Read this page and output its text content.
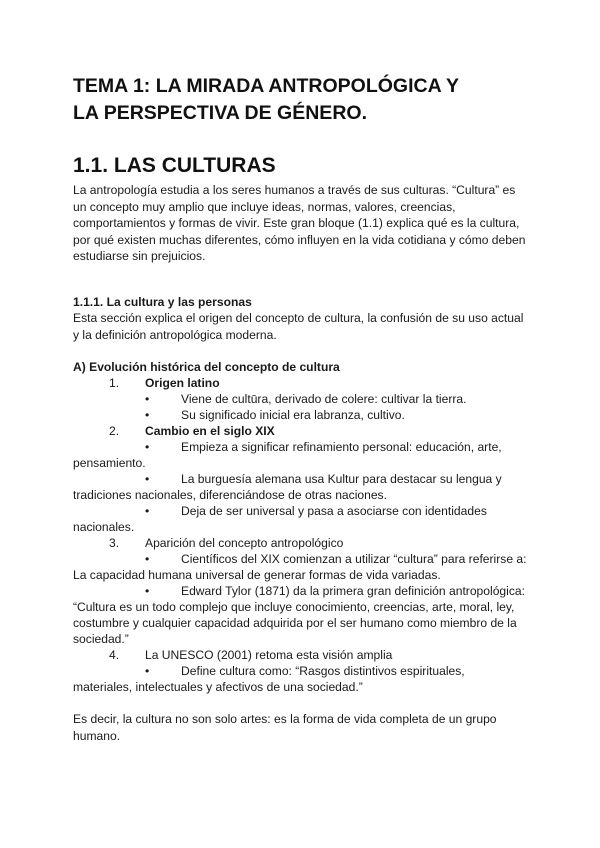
TEMA 1: LA MIRADA ANTROPOLÓGICA Y
LA PERSPECTIVA DE GÉNERO.
1.1. LAS CULTURAS
La antropología estudia a los seres humanos a través de sus culturas. “Cultura” es
un concepto muy amplio que incluye ideas, normas, valores, creencias,
comportamientos y formas de vivir. Este gran bloque (1.1) explica qué es la cultura,
por qué existen muchas diferentes, cómo influyen en la vida cotidiana y cómo deben
estudiarse sin prejuicios.
1.1.1. La cultura y las personas
Esta sección explica el origen del concepto de cultura, la confusión de su uso actual
y la definición antropológica moderna.
A) Evolución histórica del concepto de cultura
1. Origen latino
•	Viene de cultūra, derivado de colere: cultivar la tierra.
•	Su significado inicial era labranza, cultivo.
2. Cambio en el siglo XIX
•	Empieza a significar refinamiento personal: educación, arte,
pensamiento.
•	La burguesía alemana usa Kultur para destacar su lengua y
tradiciones nacionales, diferenciándose de otras naciones.
•	Deja de ser universal y pasa a asociarse con identidades
nacionales.
3. Aparición del concepto antropológico
•	Científicos del XIX comienzan a utilizar “cultura” para referirse a:
La capacidad humana universal de generar formas de vida variadas.
•	Edward Tylor (1871) da la primera gran definición antropológica:
“Cultura es un todo complejo que incluye conocimiento, creencias, arte, moral, ley,
costumbre y cualquier capacidad adquirida por el ser humano como miembro de la
sociedad.”
4. La UNESCO (2001) retoma esta visión amplia
•	Define cultura como: “Rasgos distintivos espirituales,
materiales, intelectuales y afectivos de una sociedad.”
Es decir, la cultura no son solo artes: es la forma de vida completa de un grupo
humano.
